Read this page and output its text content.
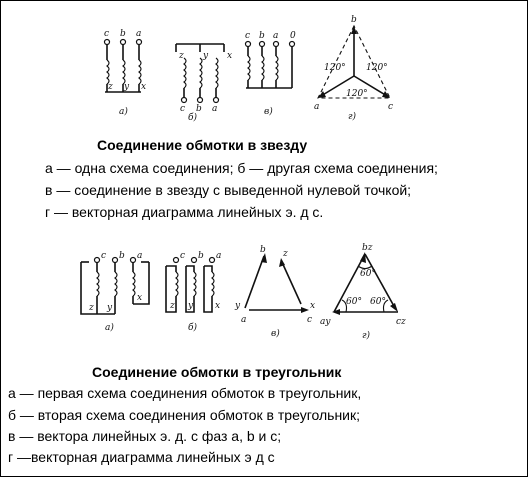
c b a
z y x
а)
z y x
c b a
б)
c b a 0
в)
b
a	c
120° 120°
120°
г)
Соединение обмотки в звезду
а — одна схема соединения; б — другая схема соединения;
в — соединение в звезду с выведенной нулевой точкой;
г — векторная диаграмма линейных э. д с.
c b a
z y
x
а)
c b a
z y x
б)
b z
y	x
a	c
в)
bz
ay	cz
60°
60° 60°
г)
Соединение обмотки в треугольник
а — первая схема соединения обмоток в треугольник,
б — вторая схема соединения обмоток в треугольник;
в — вектора линейных э. д. с фаз a, b и c;
г —векторная диаграмма линейных э д с
